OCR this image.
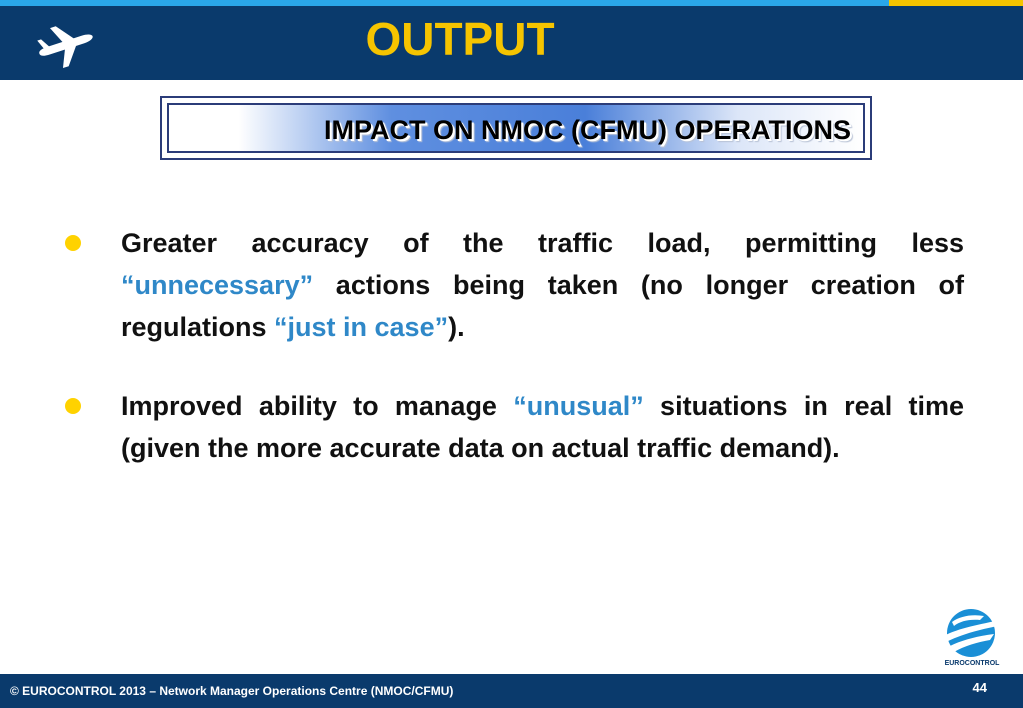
OUTPUT
IMPACT ON NMOC (CFMU) OPERATIONS
Greater accuracy of the traffic load, permitting less “unnecessary” actions being taken (no longer creation of regulations “just in case”).
Improved ability to manage “unusual” situations in real time (given the more accurate data on actual traffic demand).
EUROCONTROL
© EUROCONTROL 2013 – Network Manager Operations Centre (NMOC/CFMU)	44
